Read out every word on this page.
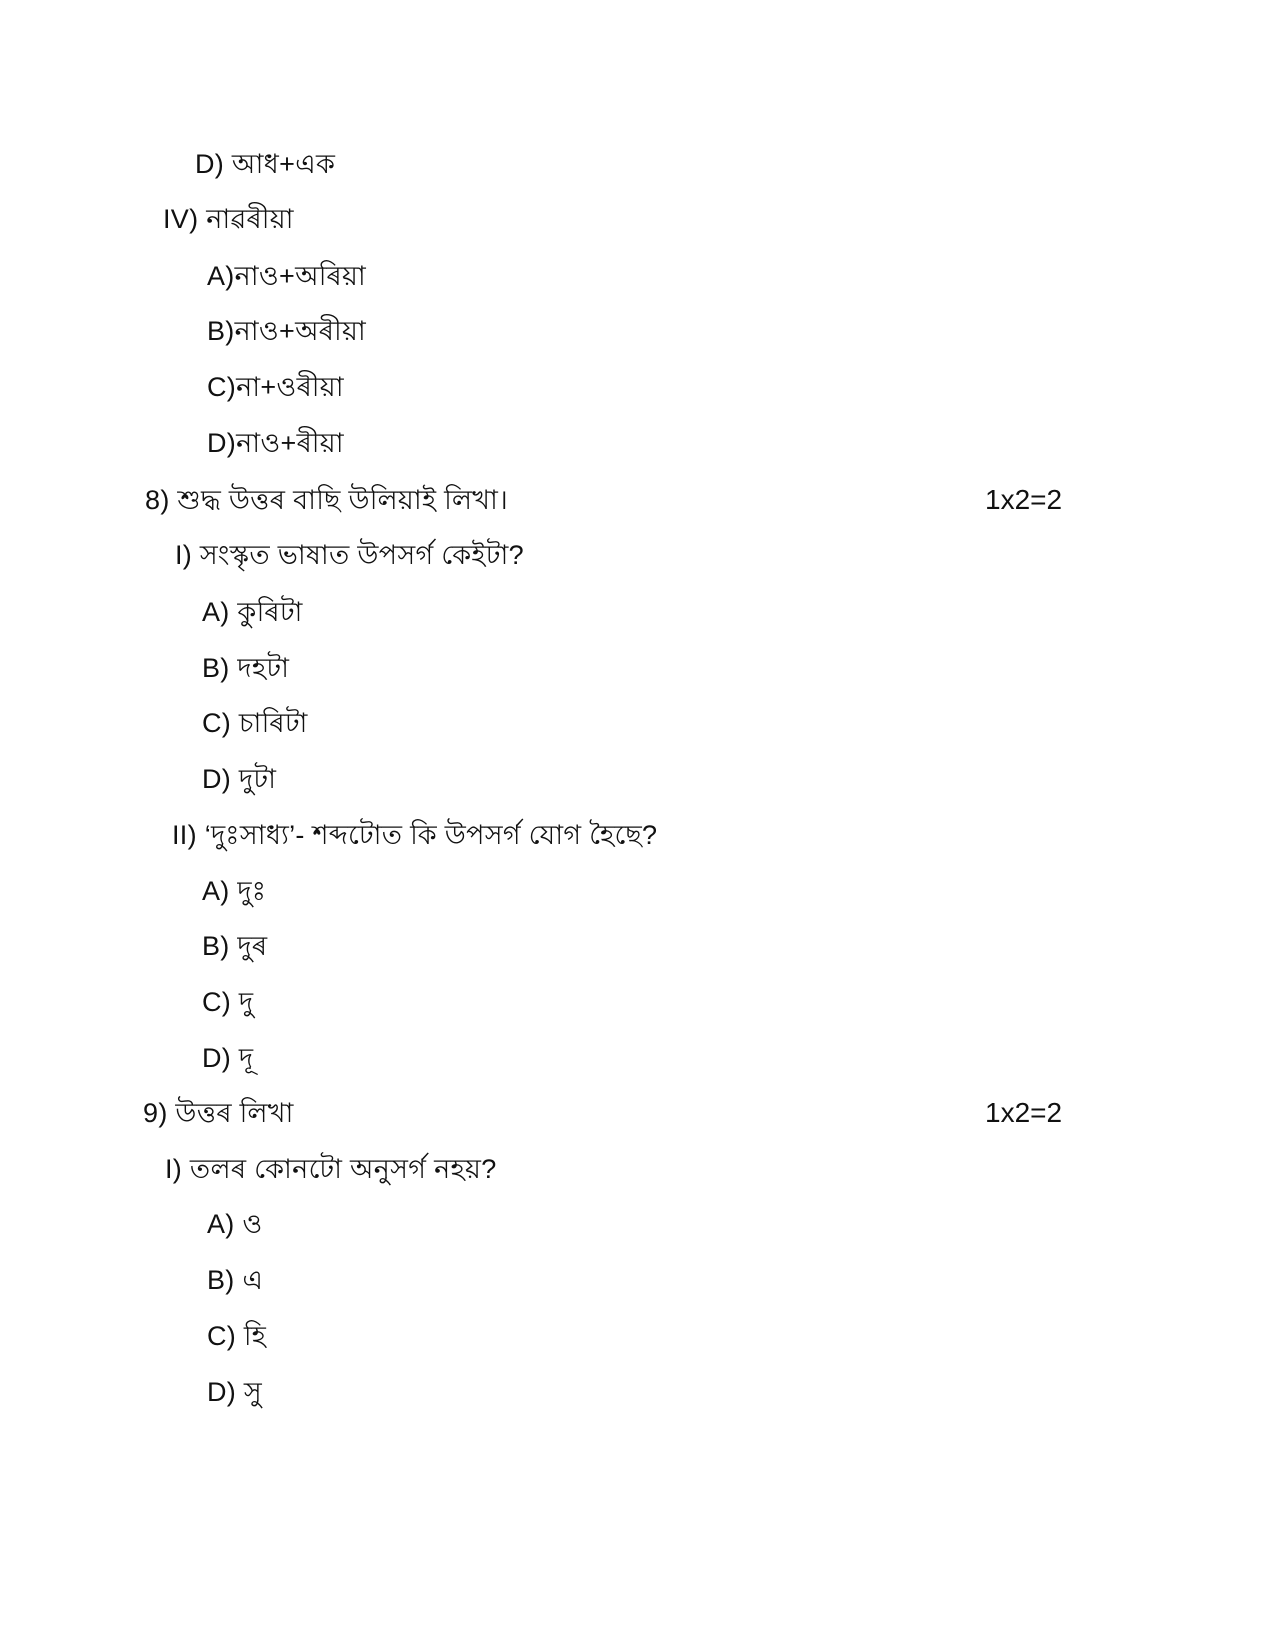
D) আধ+এক
IV) নাৱৰীয়া
A)নাও+অৰিয়া
B)নাও+অৰীয়া
C)না+ওৰীয়া
D)নাও+ৰীয়া
8) শুদ্ধ উত্তৰ বাছি উলিয়াই লিখা।	1x2=2
I) সংস্কৃত ভাষাত উপসৰ্গ কেইটা?
A) কুৰিটা
B) দহটা
C) চাৰিটা
D) দুটা
II) ‘দুঃসাধ্য’- শব্দটোত কি উপসৰ্গ যোগ হৈছে?
A) দুঃ
B) দুৰ
C) দু
D) দূ
9) উত্তৰ লিখা	1x2=2
I) তলৰ কোনটো অনুসৰ্গ নহয়?
A) ও
B) এ
C) হি
D) সু
